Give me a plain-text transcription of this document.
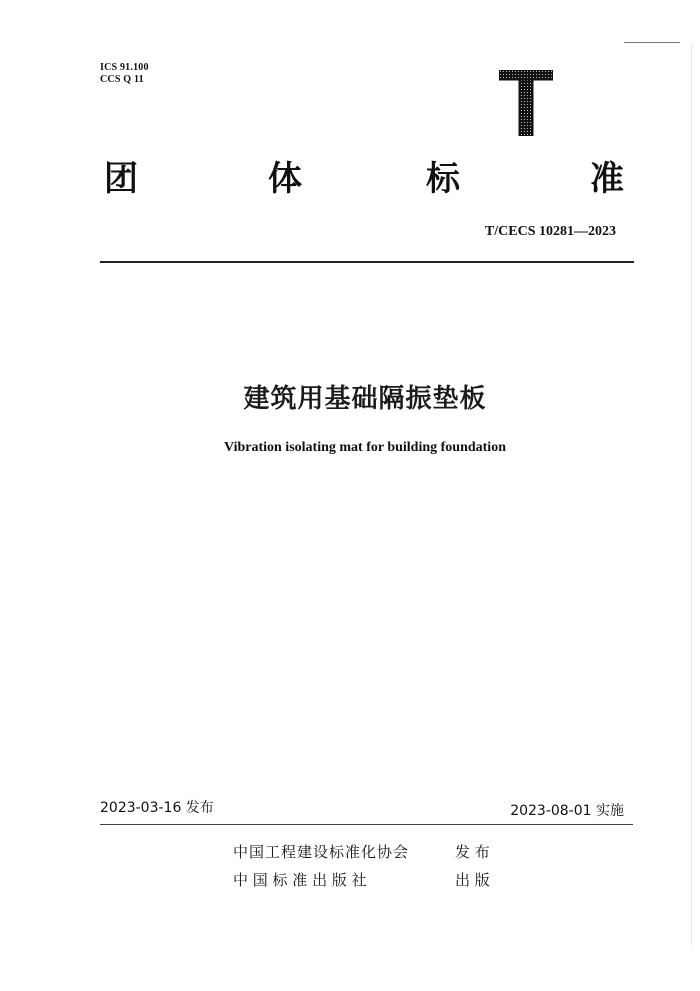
ICS 91.100
CCS Q 11
团	体	标	准
T/CECS 10281—2023
建筑用基础隔振垫板
Vibration isolating mat for building foundation
2023-03-16 发布	2023-08-01 实施
中国工程建设标准化协会	发 布
中 国 标 准 出 版 社	出 版
